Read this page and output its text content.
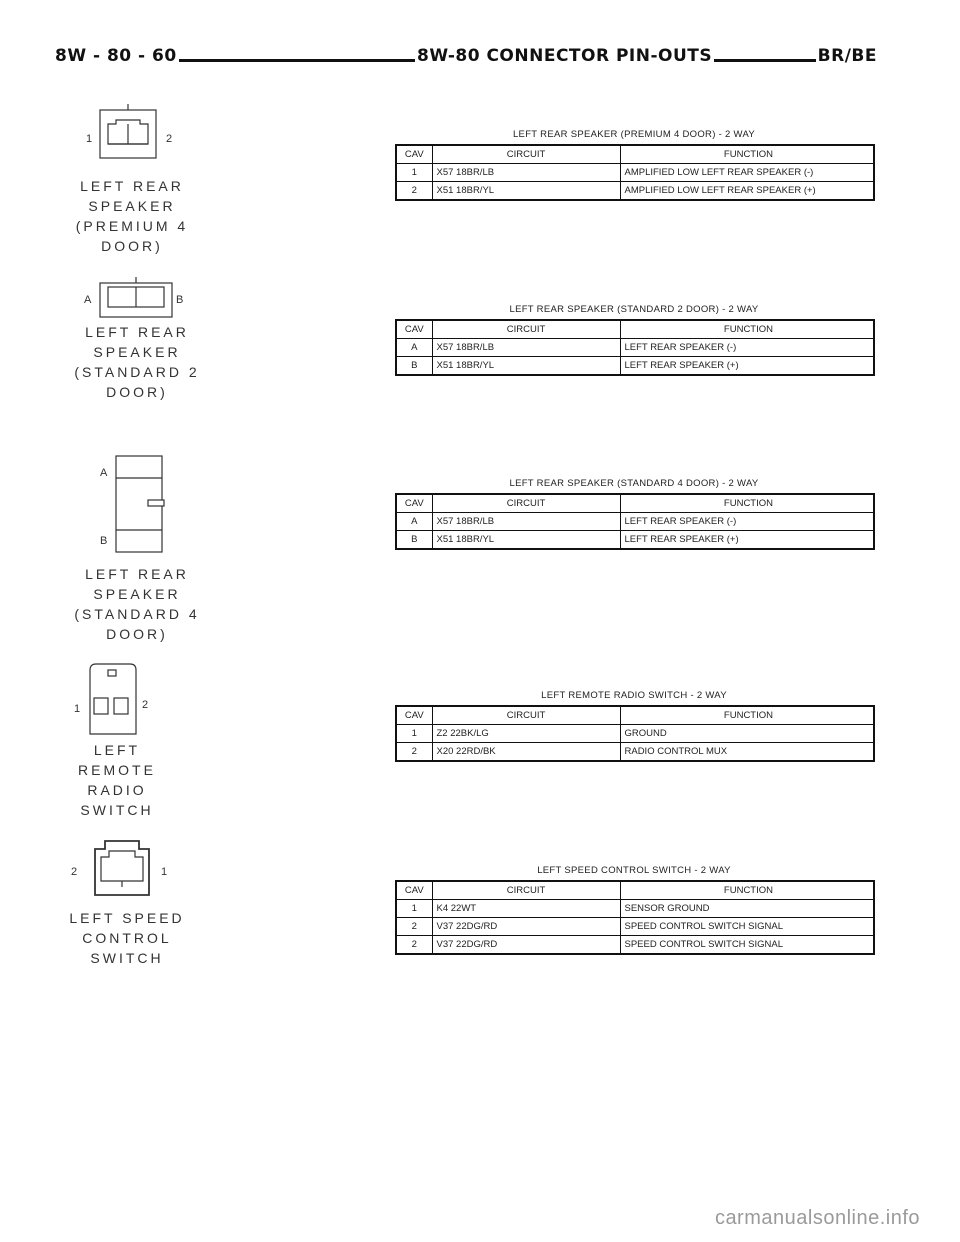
8W - 80 - 60	8W-80 CONNECTOR PIN-OUTS	BR/BE
1	2
LEFT REAR
SPEAKER
(PREMIUM 4 DOOR)
A	B
LEFT REAR
SPEAKER
(STANDARD 2 DOOR)
A
B
LEFT REAR
SPEAKER
(STANDARD 4 DOOR)
1	2
LEFT REMOTE
RADIO SWITCH
2	1
LEFT SPEED
CONTROL SWITCH
LEFT REAR SPEAKER (PREMIUM 4 DOOR) - 2 WAY
CAV	CIRCUIT	FUNCTION
1	X57 18BR/LB	AMPLIFIED LOW LEFT REAR SPEAKER (-)
2	X51 18BR/YL	AMPLIFIED LOW LEFT REAR SPEAKER (+)
LEFT REAR SPEAKER (STANDARD 2 DOOR) - 2 WAY
CAV	CIRCUIT	FUNCTION
A	X57 18BR/LB	LEFT REAR SPEAKER (-)
B	X51 18BR/YL	LEFT REAR SPEAKER (+)
LEFT REAR SPEAKER (STANDARD 4 DOOR) - 2 WAY
CAV	CIRCUIT	FUNCTION
A	X57 18BR/LB	LEFT REAR SPEAKER (-)
B	X51 18BR/YL	LEFT REAR SPEAKER (+)
LEFT REMOTE RADIO SWITCH - 2 WAY
CAV	CIRCUIT	FUNCTION
1	Z2 22BK/LG	GROUND
2	X20 22RD/BK	RADIO CONTROL MUX
LEFT SPEED CONTROL SWITCH - 2 WAY
CAV	CIRCUIT	FUNCTION
1	K4 22WT	SENSOR GROUND
2	V37 22DG/RD	SPEED CONTROL SWITCH SIGNAL
2	V37 22DG/RD	SPEED CONTROL SWITCH SIGNAL
carmanualsonline.info
